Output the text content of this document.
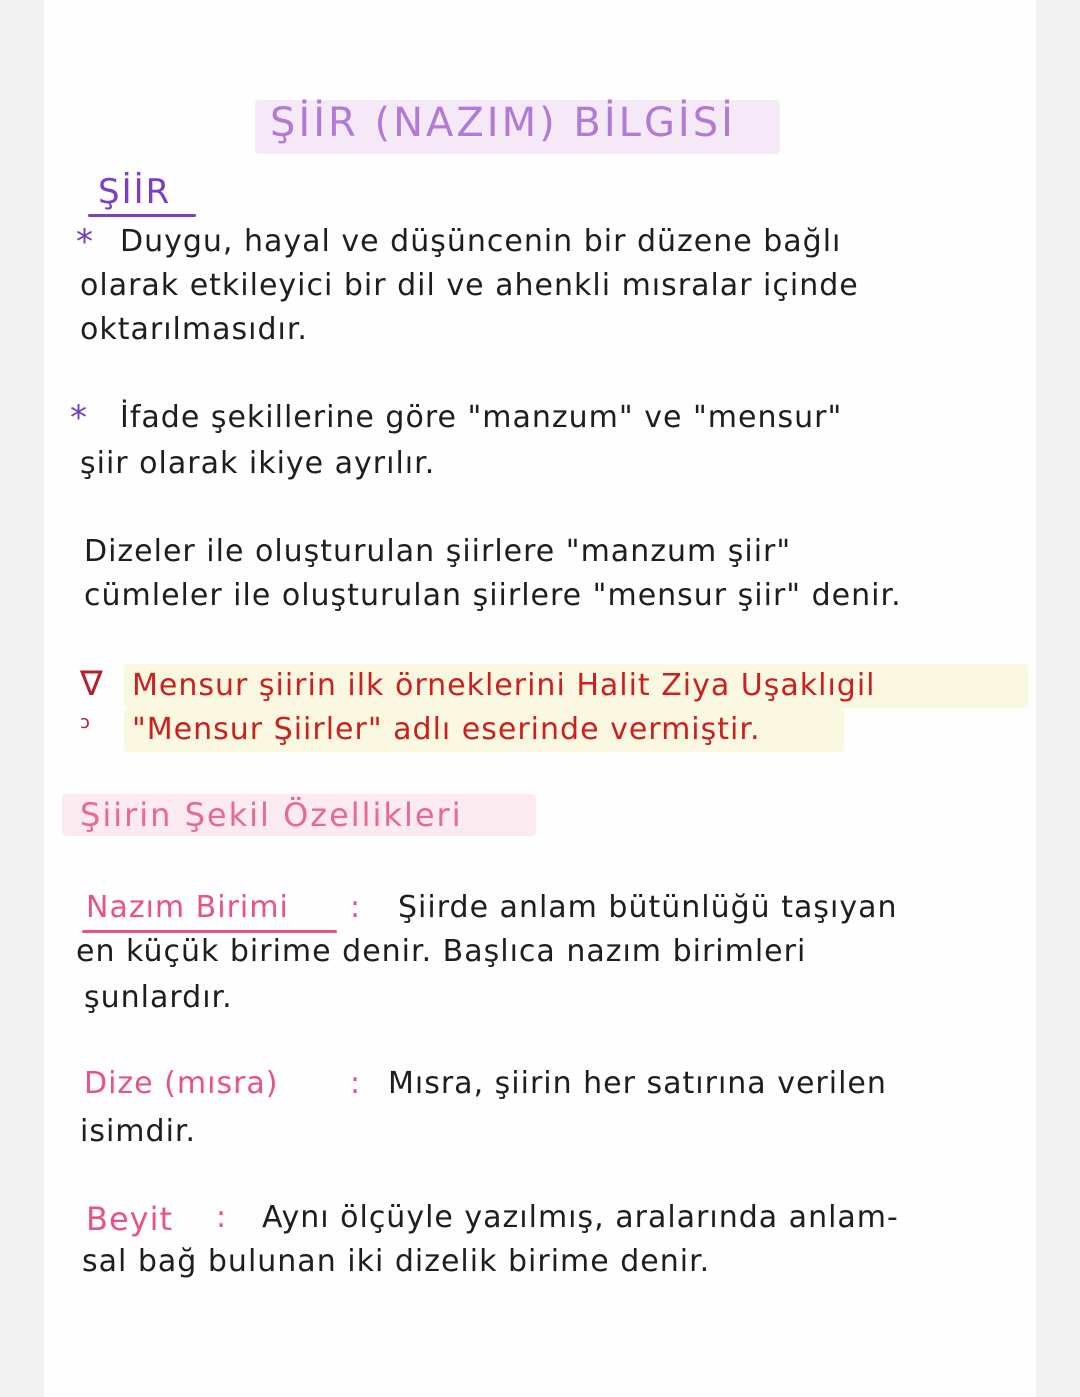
ŞİİR (NAZIM) BİLGİSİ
ŞİİR
* Duygu, hayal ve düşüncenin bir düzene bağlı
olarak etkileyici bir dil ve ahenkli mısralar içinde
oktarılmasıdır.
* İfade şekillerine göre "manzum" ve "mensur"
şiir olarak ikiye ayrılır.
Dizeler ile oluşturulan şiirlere "manzum şiir"
cümleler ile oluşturulan şiirlere "mensur şiir" denir.
∇
ↄ
Mensur şiirin ilk örneklerini Halit Ziya Uşaklıgil
"Mensur Şiirler" adlı eserinde vermiştir.
Şiirin Şekil Özellikleri
Nazım Birimi : Şiirde anlam bütünlüğü taşıyan
en küçük birime denir. Başlıca nazım birimleri
şunlardır.
Dize (mısra) : Mısra, şiirin her satırına verilen
isimdir.
Beyit : Aynı ölçüyle yazılmış, aralarında anlam-
sal bağ bulunan iki dizelik birime denir.
